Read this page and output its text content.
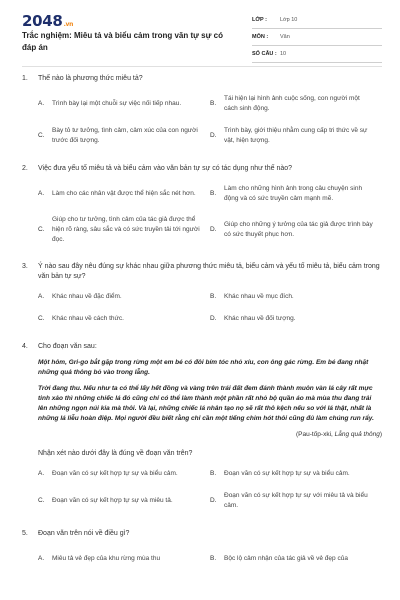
2048.vn
Trắc nghiệm: Miêu tả và biểu cảm trong văn tự sự có đáp án
LỚP :	Lớp 10
MÔN :	Văn
SỐ CÂU : 10
1.	Thế nào là phương thức miêu tả?
A.	Trình bày lại một chuỗi sự việc nối tiếp nhau.	B.
Tái hiện lại hình ảnh cuộc sống, con người một cách sinh động.
C.
Bày tỏ tư tưởng, tình cảm, cảm xúc của con người trước đối tượng.
D.
Trình bày, giới thiệu nhằm cung cấp tri thức về sự vật, hiện tượng.
2.	Việc đưa yếu tố miêu tả và biểu cảm vào văn bản tự sự có tác dụng như thế nào?
A.	Làm cho các nhân vật được thể hiện sắc nét hơn.	B.
Làm cho những hình ảnh trong câu chuyện sinh động và có sức truyền cảm mạnh mẽ.
C.
Giúp cho tư tưởng, tình cảm của tác giả được thể hiện rõ ràng, sâu sắc và có sức truyền tải tới người đọc.
D.
Giúp cho những ý tưởng của tác giả được trình bày có sức thuyết phục hơn.
3.	Ý nào sau đây nêu đúng sự khác nhau giữa phương thức miêu tả, biểu cảm và yếu tố miêu tả, biểu cảm trong văn bản tự sự?
A.	Khác nhau về đặc điểm.	B.	Khác nhau về mục đích.
C.	Khác nhau về cách thức.	D.	Khác nhau về đối tượng.
4.	Cho đoạn văn sau:

Một hôm, Gri-go bắt gặp trong rừng một em bé có đôi bím tóc nhỏ xíu, con ông gác rừng. Em bé đang nhặt những quả thông bỏ vào trong lẵng.

Trời đang thu. Nếu như ta có thể lấy hết đồng và vàng trên trái đất đem đánh thành muôn vàn lá cây rất mực tinh xảo thì những chiếc lá đó cũng chỉ có thể làm thành một phần rất nhỏ bộ quần áo mà mùa thu đang trải lên những ngọn núi kia mà thôi. Và lại, những chiếc lá nhân tạo nọ sẽ rất thô kệch nếu so với lá thật, nhất là những lá liễu hoàn điệp. Mọi người đều biết rằng chỉ cần một tiếng chim hót thôi cũng đủ làm chúng run rẩy.

(Pau-tốp-xki, Lẵng quả thông)
Nhận xét nào dưới đây là đúng về đoạn văn trên?
A.	Đoạn văn có sự kết hợp tự sự và biểu cảm.	B.	Đoạn văn có sự kết hợp tự sự và biểu cảm.
C.	Đoạn văn có sự kết hợp tự sự và miêu tả.	D.
Đoạn văn có sự kết hợp tự sự với miêu tả và biểu cảm.
5.	Đoạn văn trên nói về điều gì?
A.	Miêu tả vẻ đẹp của khu rừng mùa thu	B.	Bộc lộ cảm nhận của tác giả về vẻ đẹp của
